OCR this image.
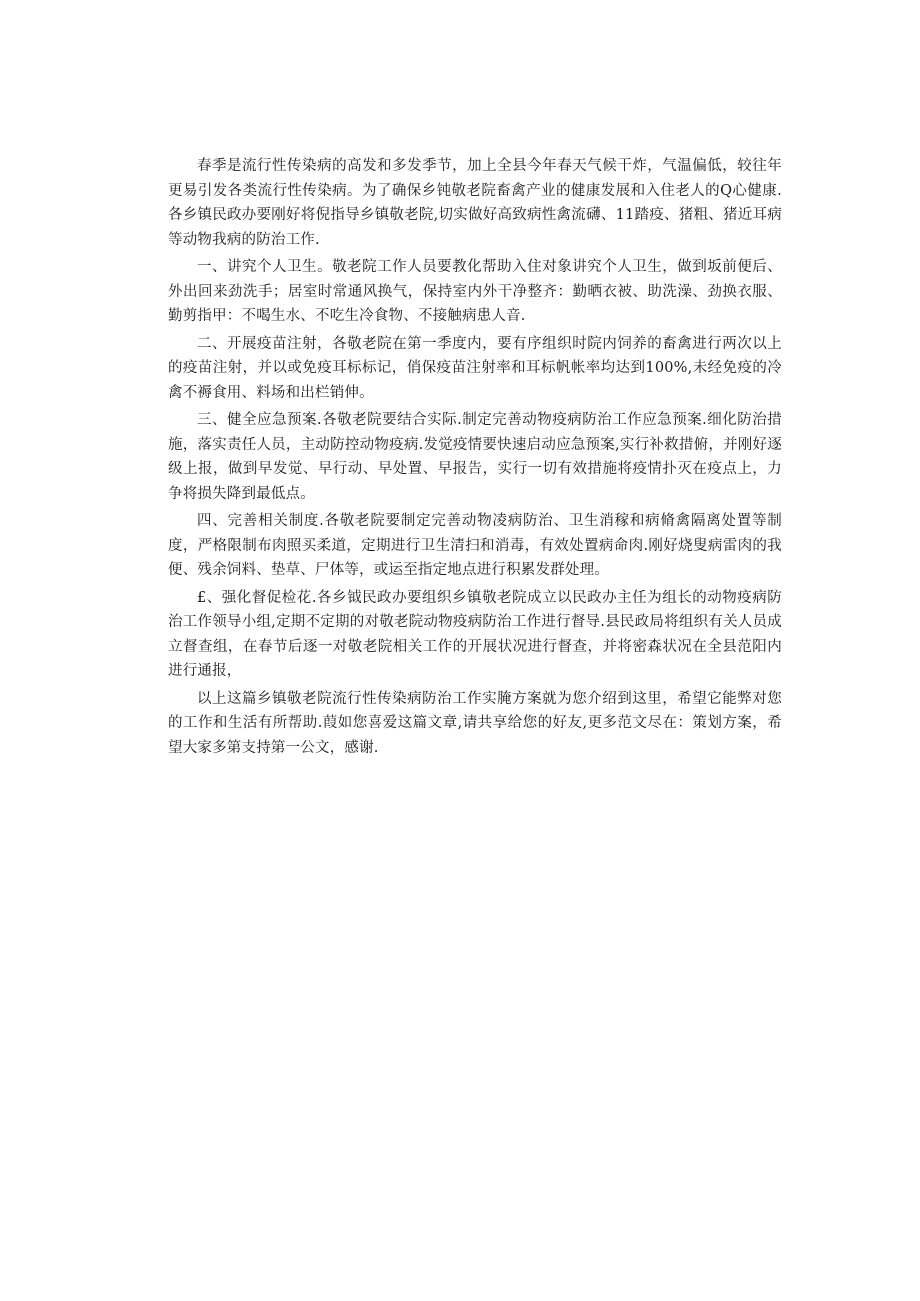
春季是流行性传染病的高发和多发季节，加上全县今年春天气候干炸，气温偏低，较往年更易引发各类流行性传染病。为了确保乡钝敬老院畜禽产业的健康发展和入住老人的Q心健康.各乡镇民政办要刚好将倪指导乡镇敬老院,切实做好高致病性禽流礴、11踏疫、猪粗、猪近耳病等动物我病的防治工作.

一、讲究个人卫生。敬老院工作人员要教化帮助入住对象讲究个人卫生，做到坂前便后、外出回来劲洗手；居室时常通风换气，保持室内外干净整齐：勤晒衣被、助洗澡、劲换衣服、勤剪指甲：不喝生水、不吃生冷食物、不接触病患人音.

二、开展疫苗注射，各敬老院在第一季度内，要有序组织时院内饲养的畜禽进行两次以上的疫苗注射，并以或免疫耳标标记，俏保疫苗注射率和耳标帆帐率均达到100%,未经免疫的冷禽不褥食用、料场和出栏销伸。

三、健全应急预案.各敬老院要结合实际.制定完善动物疫病防治工作应急预案.细化防治措施，落实责任人员，主动防控动物疫病.发觉疫情要快速启动应急预案,实行补救措俯，并刚好逐级上报，做到早发觉、早行动、早处置、早报告，实行一切有效措施将疫情扑灭在疫点上，力争将损失降到最低点。

四、完善相关制度.各敬老院要制定完善动物凌病防治、卫生消稼和病脩禽隔离处置等制度，严格限制布肉照买柔道，定期进行卫生清扫和消毒，有效处置病命肉.刚好烧叟病雷肉的我便、残余饲料、垫草、尸体等，或运至指定地点进行积累发群处理。

£、强化督促检花.各乡钺民政办要组织乡镇敬老院成立以民政办主任为组长的动物疫病防治工作领导小组,定期不定期的对敬老院动物疫病防治工作进行督导.县民政局将组织有关人员成立督查组，在春节后逐一对敬老院相关工作的开展状况进行督查，并将密森状况在全县范阳内进行通报，

以上这篇乡镇敬老院流行性传染病防治工作实腌方案就为您介绍到这里，希望它能弊对您的工作和生活有所帮助.葭如您喜爱这篇文章,请共享给您的好友,更多范文尽在：策划方案，希望大家多第支持第一公文，感谢.
